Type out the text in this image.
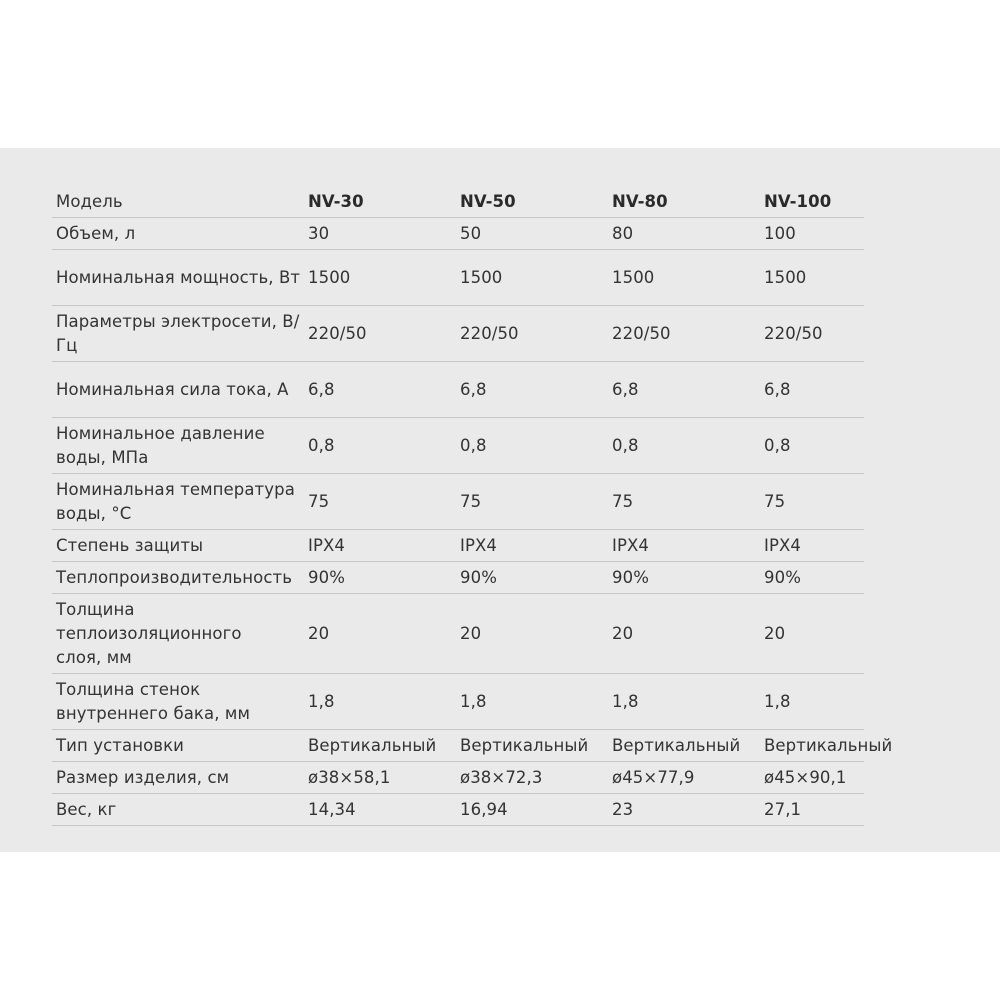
Модель	NV-30	NV-50	NV-80	NV-100
Объем, л	30	50	80	100
Номинальная мощность, Вт 1500	1500	1500	1500
Параметры электросети, В/Гц
220/50	220/50	220/50	220/50
Номинальная сила тока, А	6,8	6,8	6,8	6,8
Номинальное давление воды, МПа
0,8	0,8	0,8	0,8
Номинальная температура воды, °С
75	75	75	75
Степень защиты	IPX4	IPX4	IPX4	IPX4
Теплопроизводительность 90%	90%	90%	90%
Толщина теплоизоляционного слоя, мм
20	20	20	20
Толщина стенок внутреннего бака, мм
1,8	1,8	1,8	1,8
Тип установки	Вертикальный	Вертикальный	Вертикальный	Вертикальный
Размер изделия, см	ø38×58,1	ø38×72,3	ø45×77,9	ø45×90,1
Вес, кг	14,34	16,94	23	27,1
